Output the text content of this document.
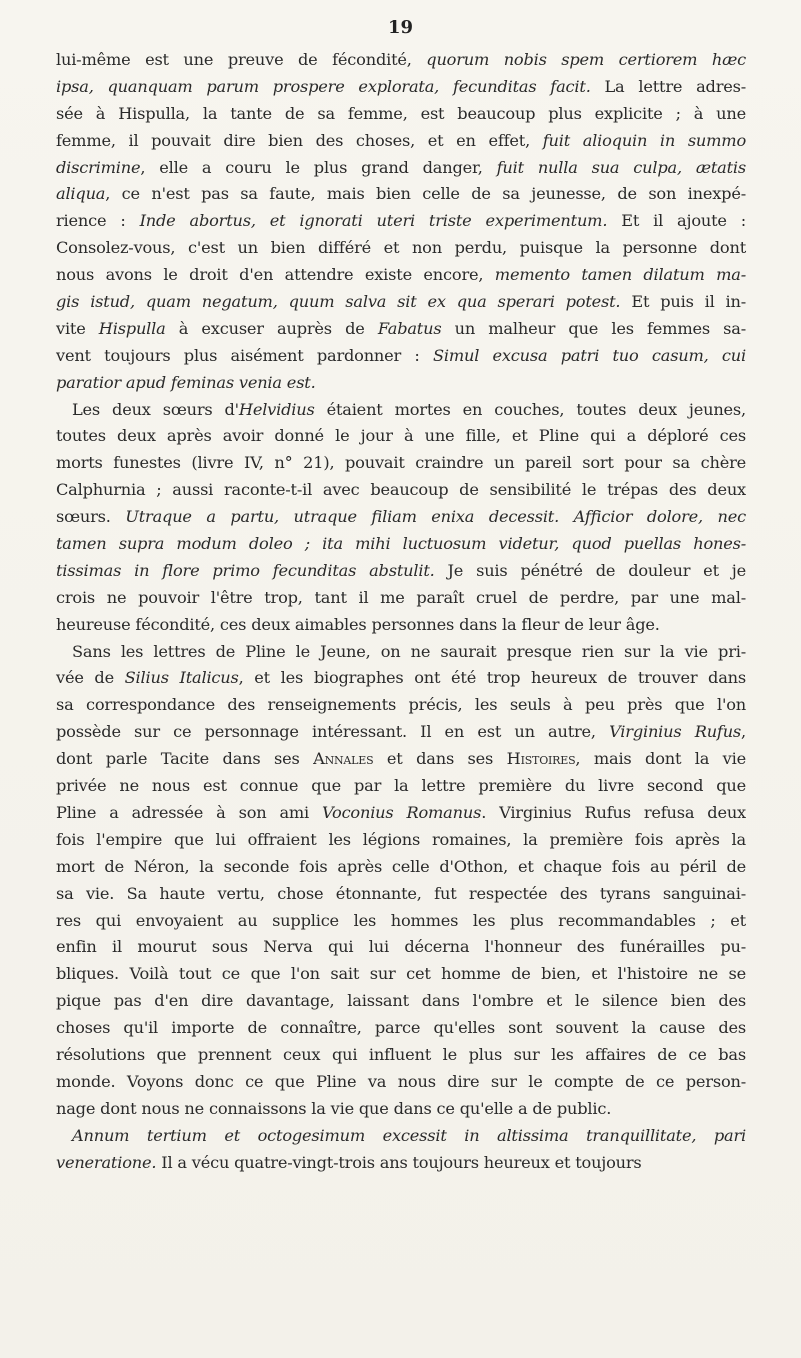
19
lui-même est une preuve de fécondité, quorum nobis spem certiorem hæc
ipsa, quanquam parum prospere explorata, fecunditas facit. La lettre adres-
sée à Hispulla, la tante de sa femme, est beaucoup plus explicite ; à une
femme, il pouvait dire bien des choses, et en effet, fuit alioquin in summo
discrimine, elle a couru le plus grand danger, fuit nulla sua culpa, ætatis
aliqua, ce n'est pas sa faute, mais bien celle de sa jeunesse, de son inexpé-
rience : Inde abortus, et ignorati uteri triste experimentum. Et il ajoute :
Consolez-vous, c'est un bien différé et non perdu, puisque la personne dont
nous avons le droit d'en attendre existe encore, memento tamen dilatum ma-
gis istud, quam negatum, quum salva sit ex qua sperari potest. Et puis il in-
vite Hispulla à excuser auprès de Fabatus un malheur que les femmes sa-
vent toujours plus aisément pardonner : Simul excusa patri tuo casum, cui
paratior apud feminas venia est.
Les deux sœurs d'Helvidius étaient mortes en couches, toutes deux jeunes,
toutes deux après avoir donné le jour à une fille, et Pline qui a déploré ces
morts funestes (livre IV, n° 21), pouvait craindre un pareil sort pour sa chère
Calphurnia ; aussi raconte-t-il avec beaucoup de sensibilité le trépas des deux
sœurs. Utraque a partu, utraque filiam enixa decessit. Afficior dolore, nec
tamen supra modum doleo ; ita mihi luctuosum videtur, quod puellas hones-
tissimas in flore primo fecunditas abstulit. Je suis pénétré de douleur et je
crois ne pouvoir l'être trop, tant il me paraît cruel de perdre, par une mal-
heureuse fécondité, ces deux aimables personnes dans la fleur de leur âge.
Sans les lettres de Pline le Jeune, on ne saurait presque rien sur la vie pri-
vée de Silius Italicus, et les biographes ont été trop heureux de trouver dans
sa correspondance des renseignements précis, les seuls à peu près que l'on
possède sur ce personnage intéressant. Il en est un autre, Virginius Rufus,
dont parle Tacite dans ses Annales et dans ses Histoires, mais dont la vie
privée ne nous est connue que par la lettre première du livre second que
Pline a adressée à son ami Voconius Romanus. Virginius Rufus refusa deux
fois l'empire que lui offraient les légions romaines, la première fois après la
mort de Néron, la seconde fois après celle d'Othon, et chaque fois au péril de
sa vie. Sa haute vertu, chose étonnante, fut respectée des tyrans sanguinai-
res qui envoyaient au supplice les hommes les plus recommandables ; et
enfin il mourut sous Nerva qui lui décerna l'honneur des funérailles pu-
bliques. Voilà tout ce que l'on sait sur cet homme de bien, et l'histoire ne se
pique pas d'en dire davantage, laissant dans l'ombre et le silence bien des
choses qu'il importe de connaître, parce qu'elles sont souvent la cause des
résolutions que prennent ceux qui influent le plus sur les affaires de ce bas
monde. Voyons donc ce que Pline va nous dire sur le compte de ce person-
nage dont nous ne connaissons la vie que dans ce qu'elle a de public.
Annum tertium et octogesimum excessit in altissima tranquillitate, pari
veneratione. Il a vécu quatre-vingt-trois ans toujours heureux et toujours
